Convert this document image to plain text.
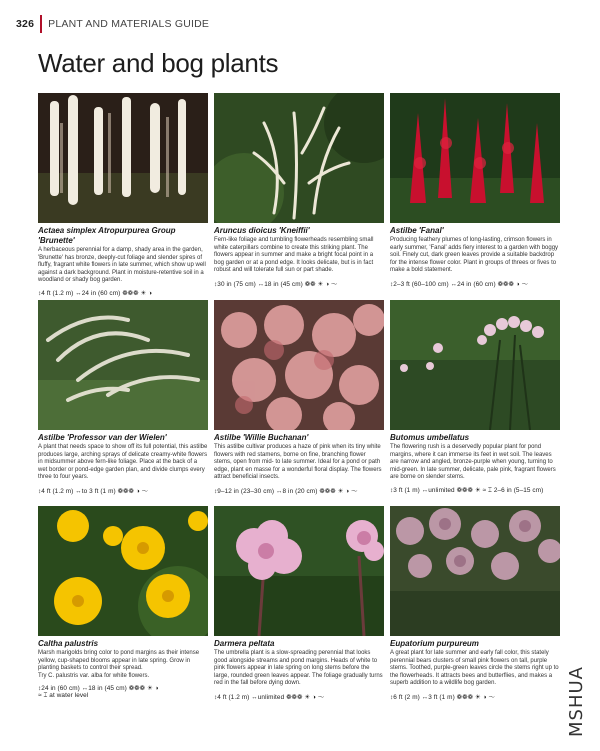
326 PLANT AND MATERIALS GUIDE
Water and bog plants
Actaea simplex Atropurpurea Group 'Brunette'
A herbaceous perennial for a damp, shady area in the garden, 'Brunette' has bronze, deeply-cut foliage and slender spires of fluffy, fragrant white flowers in late summer, which show up well against a dark background. Plant in moisture-retentive soil in a woodland or shady bog garden.
↕4 ft (1.2 m) ↔24 in (60 cm) ❁❁❁ ☀ ◑
Aruncus dioicus 'Kneiffii'
Fern-like foliage and tumbling flowerheads resembling small white caterpillars combine to create this striking plant. The flowers appear in summer and make a bright focal point in a bog garden or at a pond edge. It looks delicate, but is in fact robust and will tolerate full sun or part shade.
↕30 in (75 cm) ↔18 in (45 cm) ❁❁ ☀ ◑ 〜
Astilbe 'Fanal'
Producing feathery plumes of long-lasting, crimson flowers in early summer, 'Fanal' adds fiery interest to a garden with boggy soil. Finely cut, dark green leaves provide a suitable backdrop for the intense flower color. Plant in groups of threes or fives to make a bold statement.
↕2–3 ft (60–100 cm) ↔24 in (60 cm) ❁❁❁ ◑ 〜
Astilbe 'Professor van der Wielen'
A plant that needs space to show off its full potential, this astilbe produces large, arching sprays of delicate creamy-white flowers in midsummer above fern-like foliage. Place at the back of a wet border or pond-edge garden plan, and divide clumps every three to four years.
↕4 ft (1.2 m) ↔to 3 ft (1 m) ❁❁❁ ◑ 〜
Astilbe 'Willie Buchanan'
This astilbe cultivar produces a haze of pink when its tiny white flowers with red stamens, borne on fine, branching flower stems, open from mid- to late summer. Ideal for a pond or path edge, plant en masse for a wonderful floral display. The flowers attract beneficial insects.
↕9–12 in (23–30 cm) ↔8 in (20 cm) ❁❁❁ ☀ ◑ 〜
Butomus umbellatus
The flowering rush is a deservedly popular plant for pond margins, where it can immerse its feet in wet soil. The leaves are narrow and angled, bronze-purple when young, turning to mid-green. In late summer, delicate, pale pink, fragrant flowers are borne on slender stems.
↕3 ft (1 m) ↔unlimited ❁❁❁ ☀ ≈ ⌶ 2–6 in (5–15 cm)
Caltha palustris
Marsh marigolds bring color to pond margins as their intense yellow, cup-shaped blooms appear in late spring. Grow in planting baskets to control their spread.
Try C. palustris var. alba for white flowers.
↕24 in (60 cm) ↔18 in (45 cm) ❁❁❁ ☀ ◑
≈ ⌶ at water level
Darmera peltata
The umbrella plant is a slow-spreading perennial that looks good alongside streams and pond margins. Heads of white to pink flowers appear in late spring on long stems before the large, rounded green leaves appear. The foliage gradually turns red in the fall before dying down.
↕4 ft (1.2 m) ↔unlimited ❁❁❁ ☀ ◑ 〜
Eupatorium purpureum
A great plant for late summer and early fall color, this stately perennial bears clusters of small pink flowers on tall, purple stems. Toothed, purple-green leaves circle the stems right up to the flowerheads. It attracts bees and butterflies, and makes a superb addition to a wildlife bog garden.
↕6 ft (2 m) ↔3 ft (1 m) ❁❁❁ ☀ ◑ 〜	MSHUA
